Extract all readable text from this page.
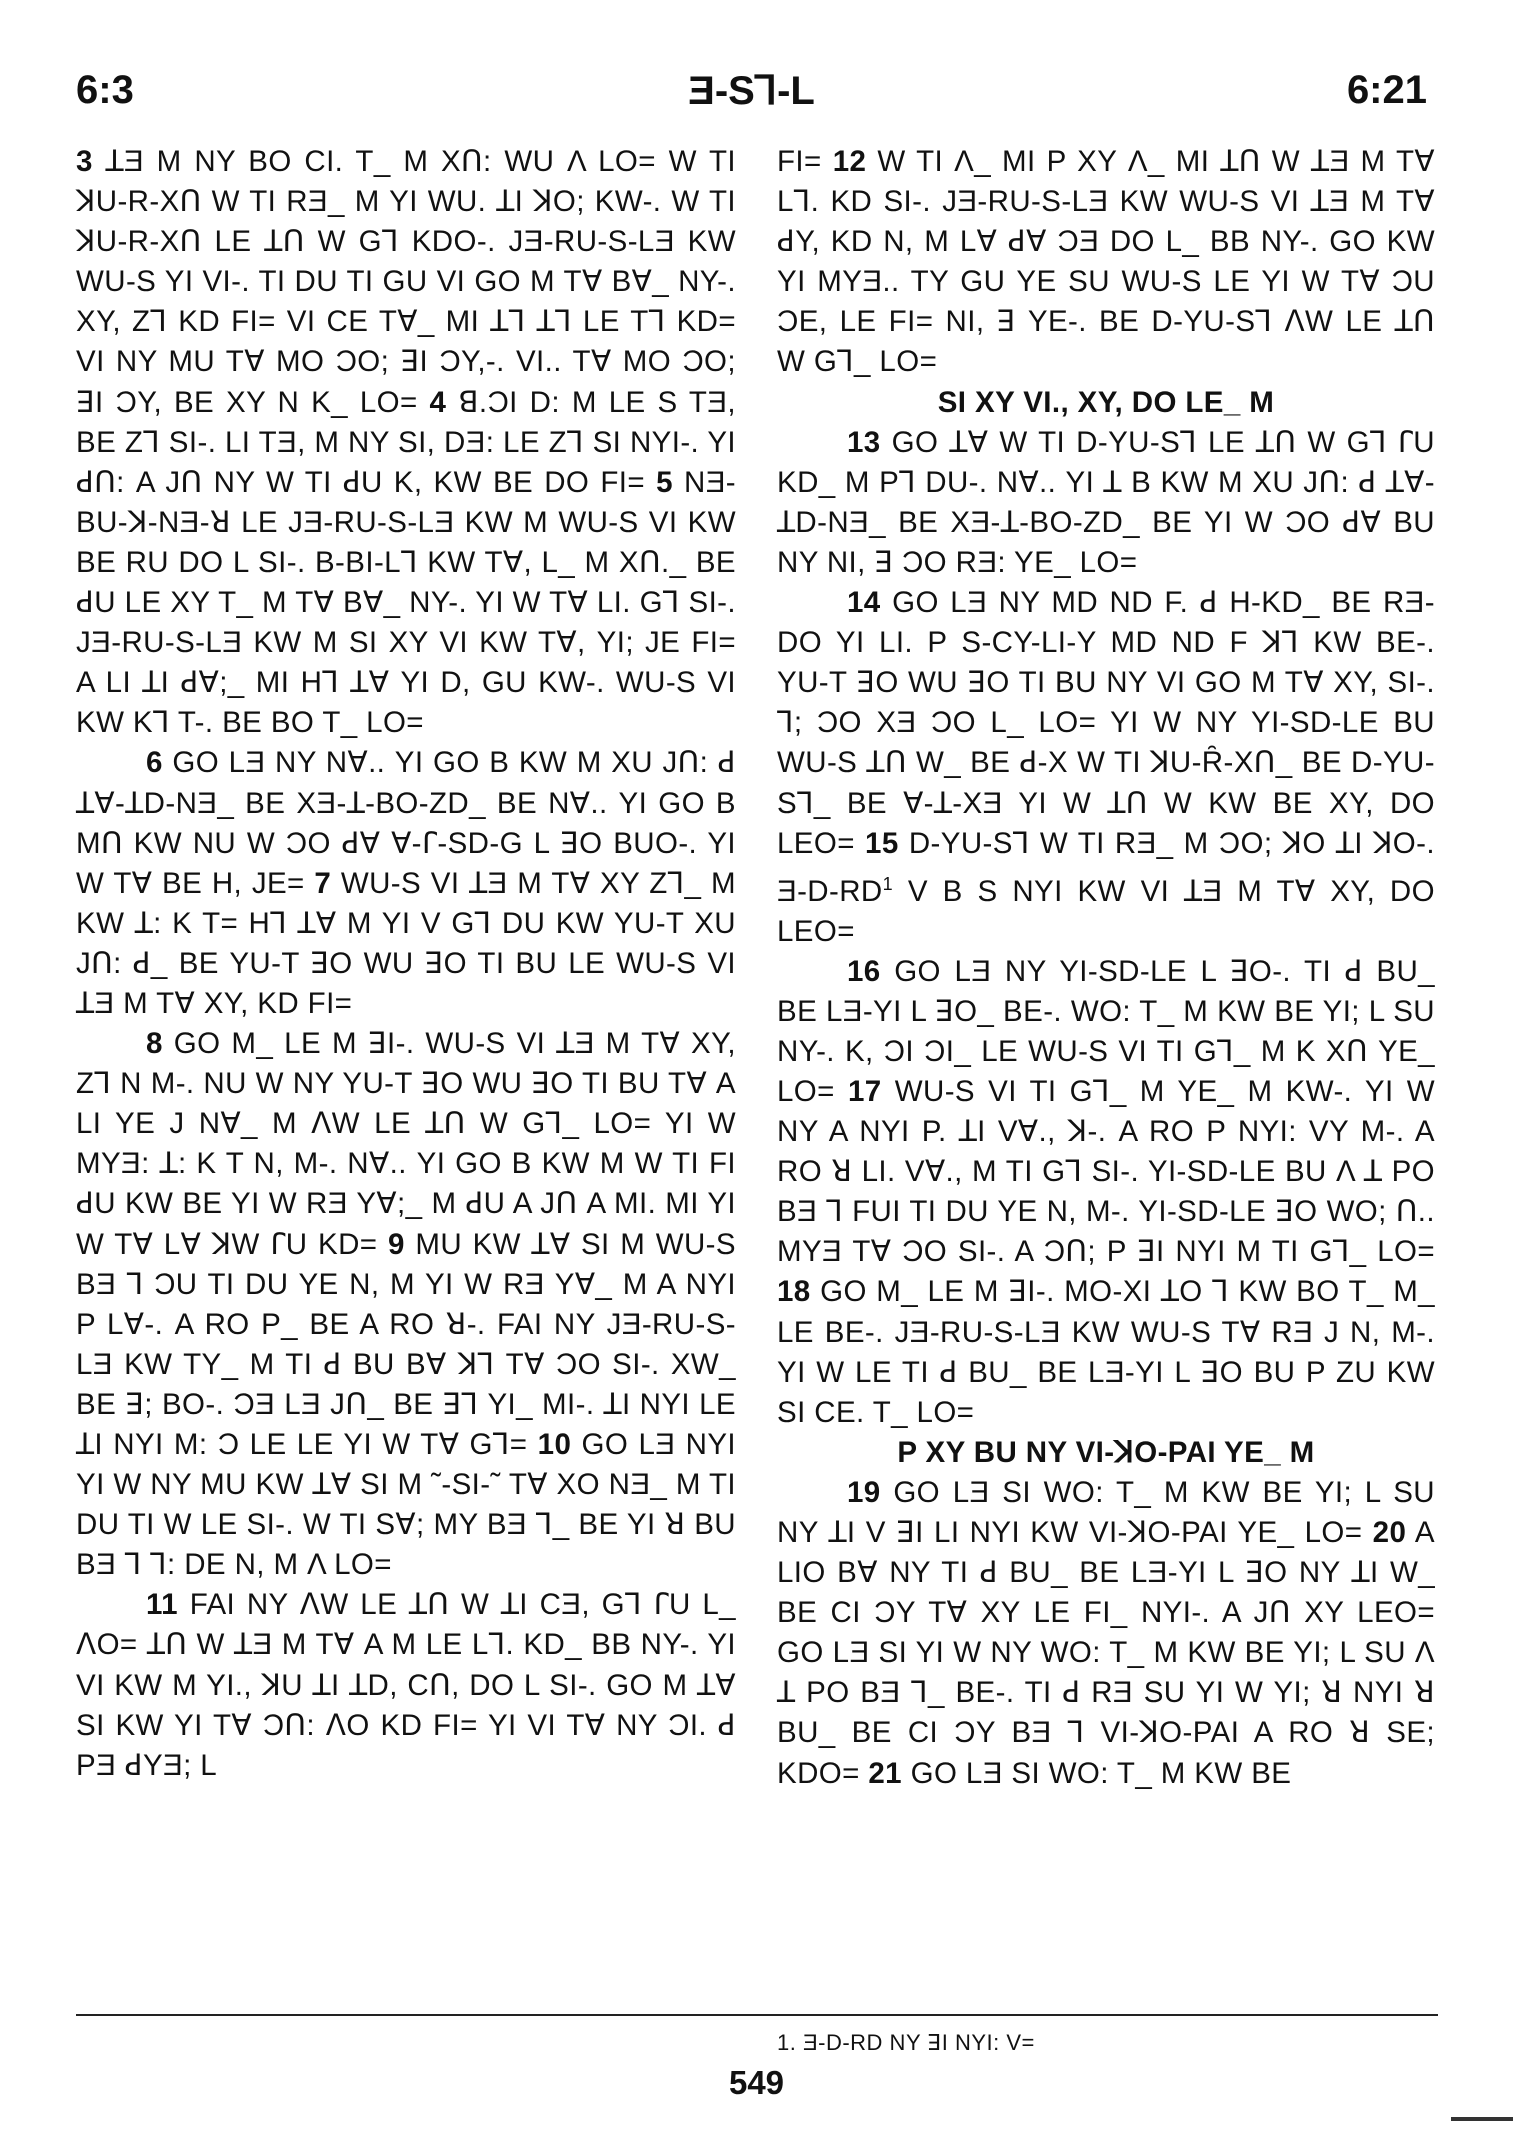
6:3	Ǝ-S⅂-L	6:21

3 ꓕƎ M NY BO CI. T_ M XՈ: WU Λ LO= W TI ꓘU-R-XՈ W TI RƎ_ M YI WU. ꓕI ꓘO; KW-. W TI ꓘU-R-XՈ LE ꓕՈ W G⅂ KDO-. JƎ-RU-S-LƎ KW WU-S YI VI-. TI DU TI GU VI GO M Tꓯ Bꓯ_ NY-. XY, Z⅂ KD FI= VI CE Tꓯ_ MI ꓕ⅂ ꓕ⅂ LE T⅂ KD= VI NY MU Tꓯ MO ƆO; ꓱI ƆY,-. VI.. Tꓯ MO ƆO; ꓱI ƆY, BE XY N K_ LO= 4 ꓭ.ƆI D: M LE S TƎ, BE Z⅂ SI-. LI TƎ, M NY SI, DƎ: LE Z⅂ SI NYI-. YI ꓒՈ: A JՈ NY W TI ꓒU K, KW BE DO FI= 5 NƎ-BU-ꓘ-NƎ-ꓤ LE JƎ-RU-S-LƎ KW M WU-S VI KW BE RU DO L SI-. B-BI-L⅂ KW Tꓯ, L_ M XՈ._ BE ꓒU LE XY T_ M Tꓯ Bꓯ_ NY-. YI W Tꓯ LI. G⅂ SI-. JƎ-RU-S-LƎ KW M SI XY VI KW Tꓯ, YI; JE FI= A LI ꓕI ꓒꓯ;_ MI H⅂ ꓕꓯ YI D, GU KW-. WU-S VI KW K⅂ T-. BE BO T_ LO=

6 GO LƎ NY Nꓯ.. YI GO B KW M XU JՈ: ꓒ ꓕꓯ-ꓕD-NƎ_ BE XƎ-ꓕ-BO-ZD_ BE Nꓯ.. YI GO B MՈ KW NU W ƆO ꓒꓯ ꓯ-ꓩ-SD-G L ꓱO BUO-. YI W Tꓯ BE H, JE= 7 WU-S VI ꓕƎ M Tꓯ XY Z⅂_ M KW ꓕ: K T= H⅂ ꓕꓯ M YI V G⅂ DU KW YU-T XU JՈ: ꓒ_ BE YU-T ꓱO WU ꓱO TI BU LE WU-S VI ꓕƎ M Tꓯ XY, KD FI=

8 GO M_ LE M ꓱI-. WU-S VI ꓕƎ M Tꓯ XY, Z⅂ N M-. NU W NY YU-T ꓱO WU ꓱO TI BU Tꓯ A LI YE J Nꓯ_ M ꓥW LE ꓕՈ W G⅂_ LO= YI W MYƎ: ꓕ: K T N, M-. Nꓯ.. YI GO B KW M W TI FI ꓒU KW BE YI W RƎ Yꓯ;_ M ꓒU A JՈ A MI. MI YI W Tꓯ Lꓯ ꓘW ꓩU KD= 9 MU KW ꓕꓯ SI M WU-S BƎ ⅂ ƆU TI DU YE N, M YI W RƎ Yꓯ_ M A NYI P Lꓯ-. A RO P_ BE A RO ꓤ-. FAI NY JƎ-RU-S-LƎ KW TY_ M TI ꓒ BU Bꓯ ꓘ⅂ Tꓯ ƆO SI-. XW_ BE ꓱ; BO-. ƆƎ LƎ JՈ_ BE ꓱ⅂ YI_ MI-. ꓕI NYI LE ꓕI NYI M: Ɔ LE LE YI W Tꓯ G⅂= 10 GO LƎ NYI YI W NY MU KW ꓕꓯ SI M ˜-SI-˜ Tꓯ XO NƎ_ M TI DU TI W LE SI-. W TI Sꓯ; MY BƎ ⅂_ BE YI ꓤ BU BƎ ⅂ ⅂: DE N, M Λ LO=

11 FAI NY ꓥW LE ꓕՈ W ꓕI CƎ, G⅂ ꓩU L_ ꓥO= ꓕՈ W ꓕƎ M Tꓯ A M LE L⅂. KD_ BB NY-. YI VI KW M YI., ꓘU ꓕI ꓕD, CՈ, DO L SI-. GO M ꓕꓯ SI KW YI Tꓯ ƆՈ: ꓥO KD FI= YI VI Tꓯ NY ƆI. ꓒ PƎ ꓒYƎ; L

FI= 12 W TI Λ_ MI P XY Λ_ MI ꓕՈ W ꓕƎ M Tꓯ L⅂. KD SI-. JƎ-RU-S-LƎ KW WU-S VI ꓕƎ M Tꓯ ꓒY, KD N, M Lꓯ ꓒꓯ ƆƎ DO L_ BB NY-. GO KW YI MYƎ.. TY GU YE SU WU-S LE YI W Tꓯ ƆU ƆE, LE FI= NI, ꓱ YE-. BE D-YU-S⅂ ꓥW LE ꓕՈ W G⅂_ LO=

SI XY VI., XY, DO LE_ M

13 GO ꓕꓯ W TI D-YU-S⅂ LE ꓕՈ W G⅂ ꓩU KD_ M P⅂ DU-. Nꓯ.. YI ꓕ B KW M XU JՈ: ꓒ ꓕꓯ-ꓕD-NƎ_ BE XƎ-ꓕ-BO-ZD_ BE YI W ƆO ꓒꓯ BU NY NI, ꓱ ƆO RƎ: YE_ LO=

14 GO LƎ NY MD ND F. ꓒ H-KD_ BE RƎ-DO YI LI. P S-CY-LI-Y MD ND F ꓘ⅂ KW BE-. YU-T ꓱO WU ꓱO TI BU NY VI GO M Tꓯ XY, SI-. ⅂; ƆO XƎ ƆO L_ LO= YI W NY YI-SD-LE BU WU-S ꓕՈ W_ BE ꓒ-X W TI ꓘU-Ȓ-XՈ_ BE D-YU-S⅂_ BE ꓯ-ꓕ-XƎ YI W ꓕՈ W KW BE XY, DO LEO= 15 D-YU-S⅂ W TI RƎ_ M ƆO; ꓘO ꓕI ꓘO-. $Ǝ-D-RD^1$ V B S NYI KW VI ꓕƎ M Tꓯ XY, DO LEO=

16 GO LƎ NY YI-SD-LE L ꓱO-. TI ꓒ BU_ BE LƎ-YI L ꓱO_ BE-. WO: T_ M KW BE YI; L SU NY-. K, ƆI ƆI_ LE WU-S VI TI G⅂_ M K XՈ YE_ LO= 17 WU-S VI TI G⅂_ M YE_ M KW-. YI W NY A NYI P. ꓕI Vꓯ., ꓘ-. A RO P NYI: VY M-. A RO ꓤ LI. Vꓯ., M TI G⅂ SI-. YI-SD-LE BU Λ ꓕ PO BƎ ⅂ FUI TI DU YE N, M-. YI-SD-LE ꓱO WO; Ո.. MYƎ Tꓯ ƆO SI-. A ƆՈ; P ꓱI NYI M TI G⅂_ LO= 18 GO M_ LE M ꓱI-. MO-XI ꓕO ⅂ KW BO T_ M_ LE BE-. JƎ-RU-S-LƎ KW WU-S Tꓯ RƎ J N, M-. YI W LE TI ꓒ BU_ BE LƎ-YI L ꓱO BU P ZU KW SI CE. T_ LO=

P XY BU NY VI-ꓘO-PAI YE_ M

19 GO LƎ SI WO: T_ M KW BE YI; L SU NY ꓕI V ꓱI LI NYI KW VI-ꓘO-PAI YE_ LO= 20 A LIO Bꓯ NY TI ꓒ BU_ BE LƎ-YI L ꓱO NY ꓕI W_ BE CI ƆY Tꓯ XY LE FI_ NYI-. A JՈ XY LEO= GO LƎ SI YI W NY WO: T_ M KW BE YI; L SU Λ ꓕ PO BƎ ⅂_ BE-. TI ꓒ RƎ SU YI W YI; ꓤ NYI ꓤ BU_ BE CI ƆY BƎ ⅂ VI-ꓘO-PAI A RO ꓤ SE; KDO= 21 GO LƎ SI WO: T_ M KW BE

1. Ǝ-D-RD NY ꓱI NYI: V=
549
